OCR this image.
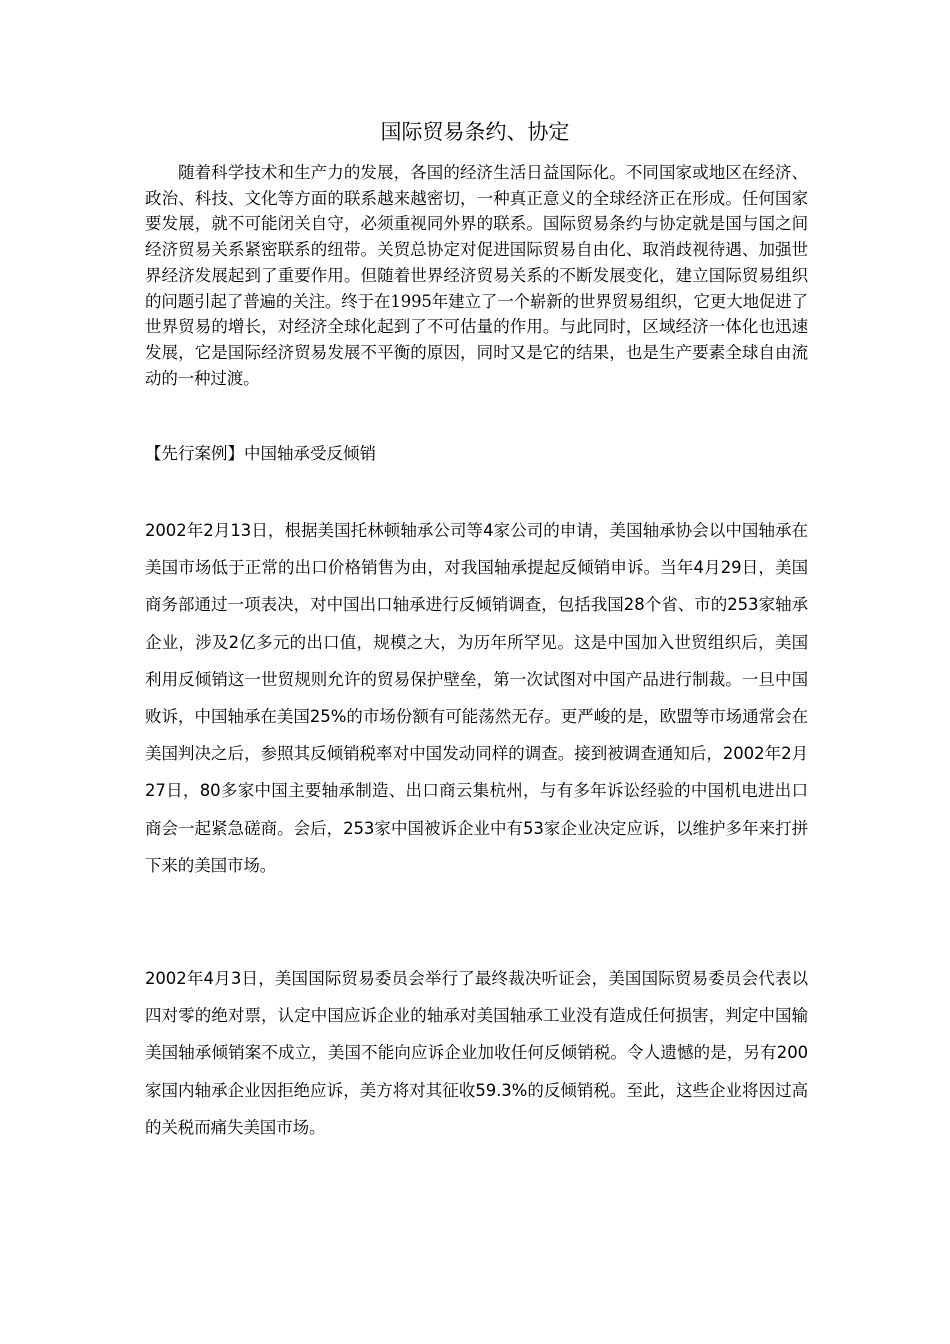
国际贸易条约、协定

随着科学技术和生产力的发展，各国的经济生活日益国际化。不同国家或地区在经济、政治、科技、文化等方面的联系越来越密切，一种真正意义的全球经济正在形成。任何国家要发展，就不可能闭关自守，必须重视同外界的联系。国际贸易条约与协定就是国与国之间经济贸易关系紧密联系的纽带。关贸总协定对促进国际贸易自由化、取消歧视待遇、加强世界经济发展起到了重要作用。但随着世界经济贸易关系的不断发展变化，建立国际贸易组织的问题引起了普遍的关注。终于在1995年建立了一个崭新的世界贸易组织，它更大地促进了世界贸易的增长，对经济全球化起到了不可估量的作用。与此同时，区域经济一体化也迅速发展，它是国际经济贸易发展不平衡的原因，同时又是它的结果，也是生产要素全球自由流动的一种过渡。

【先行案例】中国轴承受反倾销

2002年2月13日，根据美国托林顿轴承公司等4家公司的申请，美国轴承协会以中国轴承在美国市场低于正常的出口价格销售为由，对我国轴承提起反倾销申诉。当年4月29日，美国商务部通过一项表决，对中国出口轴承进行反倾销调查，包括我国28个省、市的253家轴承企业，涉及2亿多元的出口值，规模之大，为历年所罕见。这是中国加入世贸组织后，美国利用反倾销这一世贸规则允许的贸易保护壁垒，第一次试图对中国产品进行制裁。一旦中国败诉，中国轴承在美国25%的市场份额有可能荡然无存。更严峻的是，欧盟等市场通常会在美国判决之后，参照其反倾销税率对中国发动同样的调查。接到被调查通知后，2002年2月27日，80多家中国主要轴承制造、出口商云集杭州，与有多年诉讼经验的中国机电进出口商会一起紧急磋商。会后，253家中国被诉企业中有53家企业决定应诉，以维护多年来打拼下来的美国市场。

2002年4月3日，美国国际贸易委员会举行了最终裁决听证会，美国国际贸易委员会代表以四对零的绝对票，认定中国应诉企业的轴承对美国轴承工业没有造成任何损害，判定中国输美国轴承倾销案不成立，美国不能向应诉企业加收任何反倾销税。令人遗憾的是，另有200家国内轴承企业因拒绝应诉，美方将对其征收59.3%的反倾销税。至此，这些企业将因过高的关税而痛失美国市场。
